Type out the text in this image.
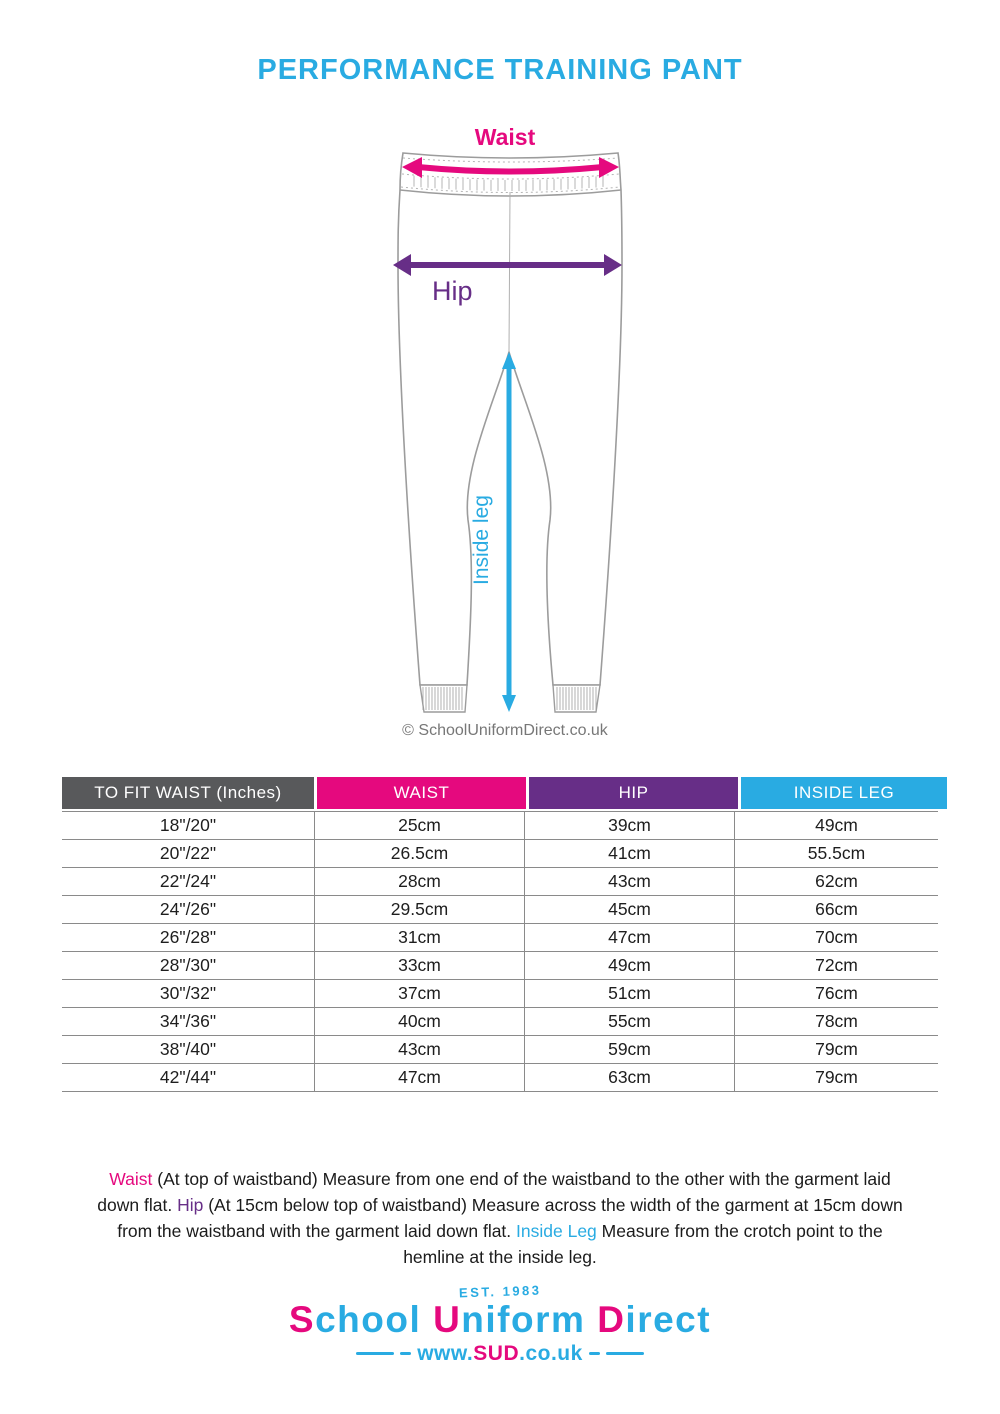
PERFORMANCE TRAINING PANT
Waist
Hip
Inside leg
© SchoolUniformDirect.co.uk
TO FIT WAIST (Inches)	WAIST	HIP	INSIDE LEG
18"/20"	25cm	39cm	49cm
20"/22"	26.5cm	41cm	55.5cm
22"/24"	28cm	43cm	62cm
24"/26"	29.5cm	45cm	66cm
26"/28"	31cm	47cm	70cm
28"/30"	33cm	49cm	72cm
30"/32"	37cm	51cm	76cm
34"/36"	40cm	55cm	78cm
38"/40"	43cm	59cm	79cm
42"/44"	47cm	63cm	79cm

Waist (At top of waistband) Measure from one end of the waistband to the other with the garment laid down flat. Hip (At 15cm below top of waistband) Measure across the width of the garment at 15cm down from the waistband with the garment laid down flat. Inside Leg Measure from the crotch point to the hemline at the inside leg.

EST. 1983
School Uniform Direct
www.SUD.co.uk
